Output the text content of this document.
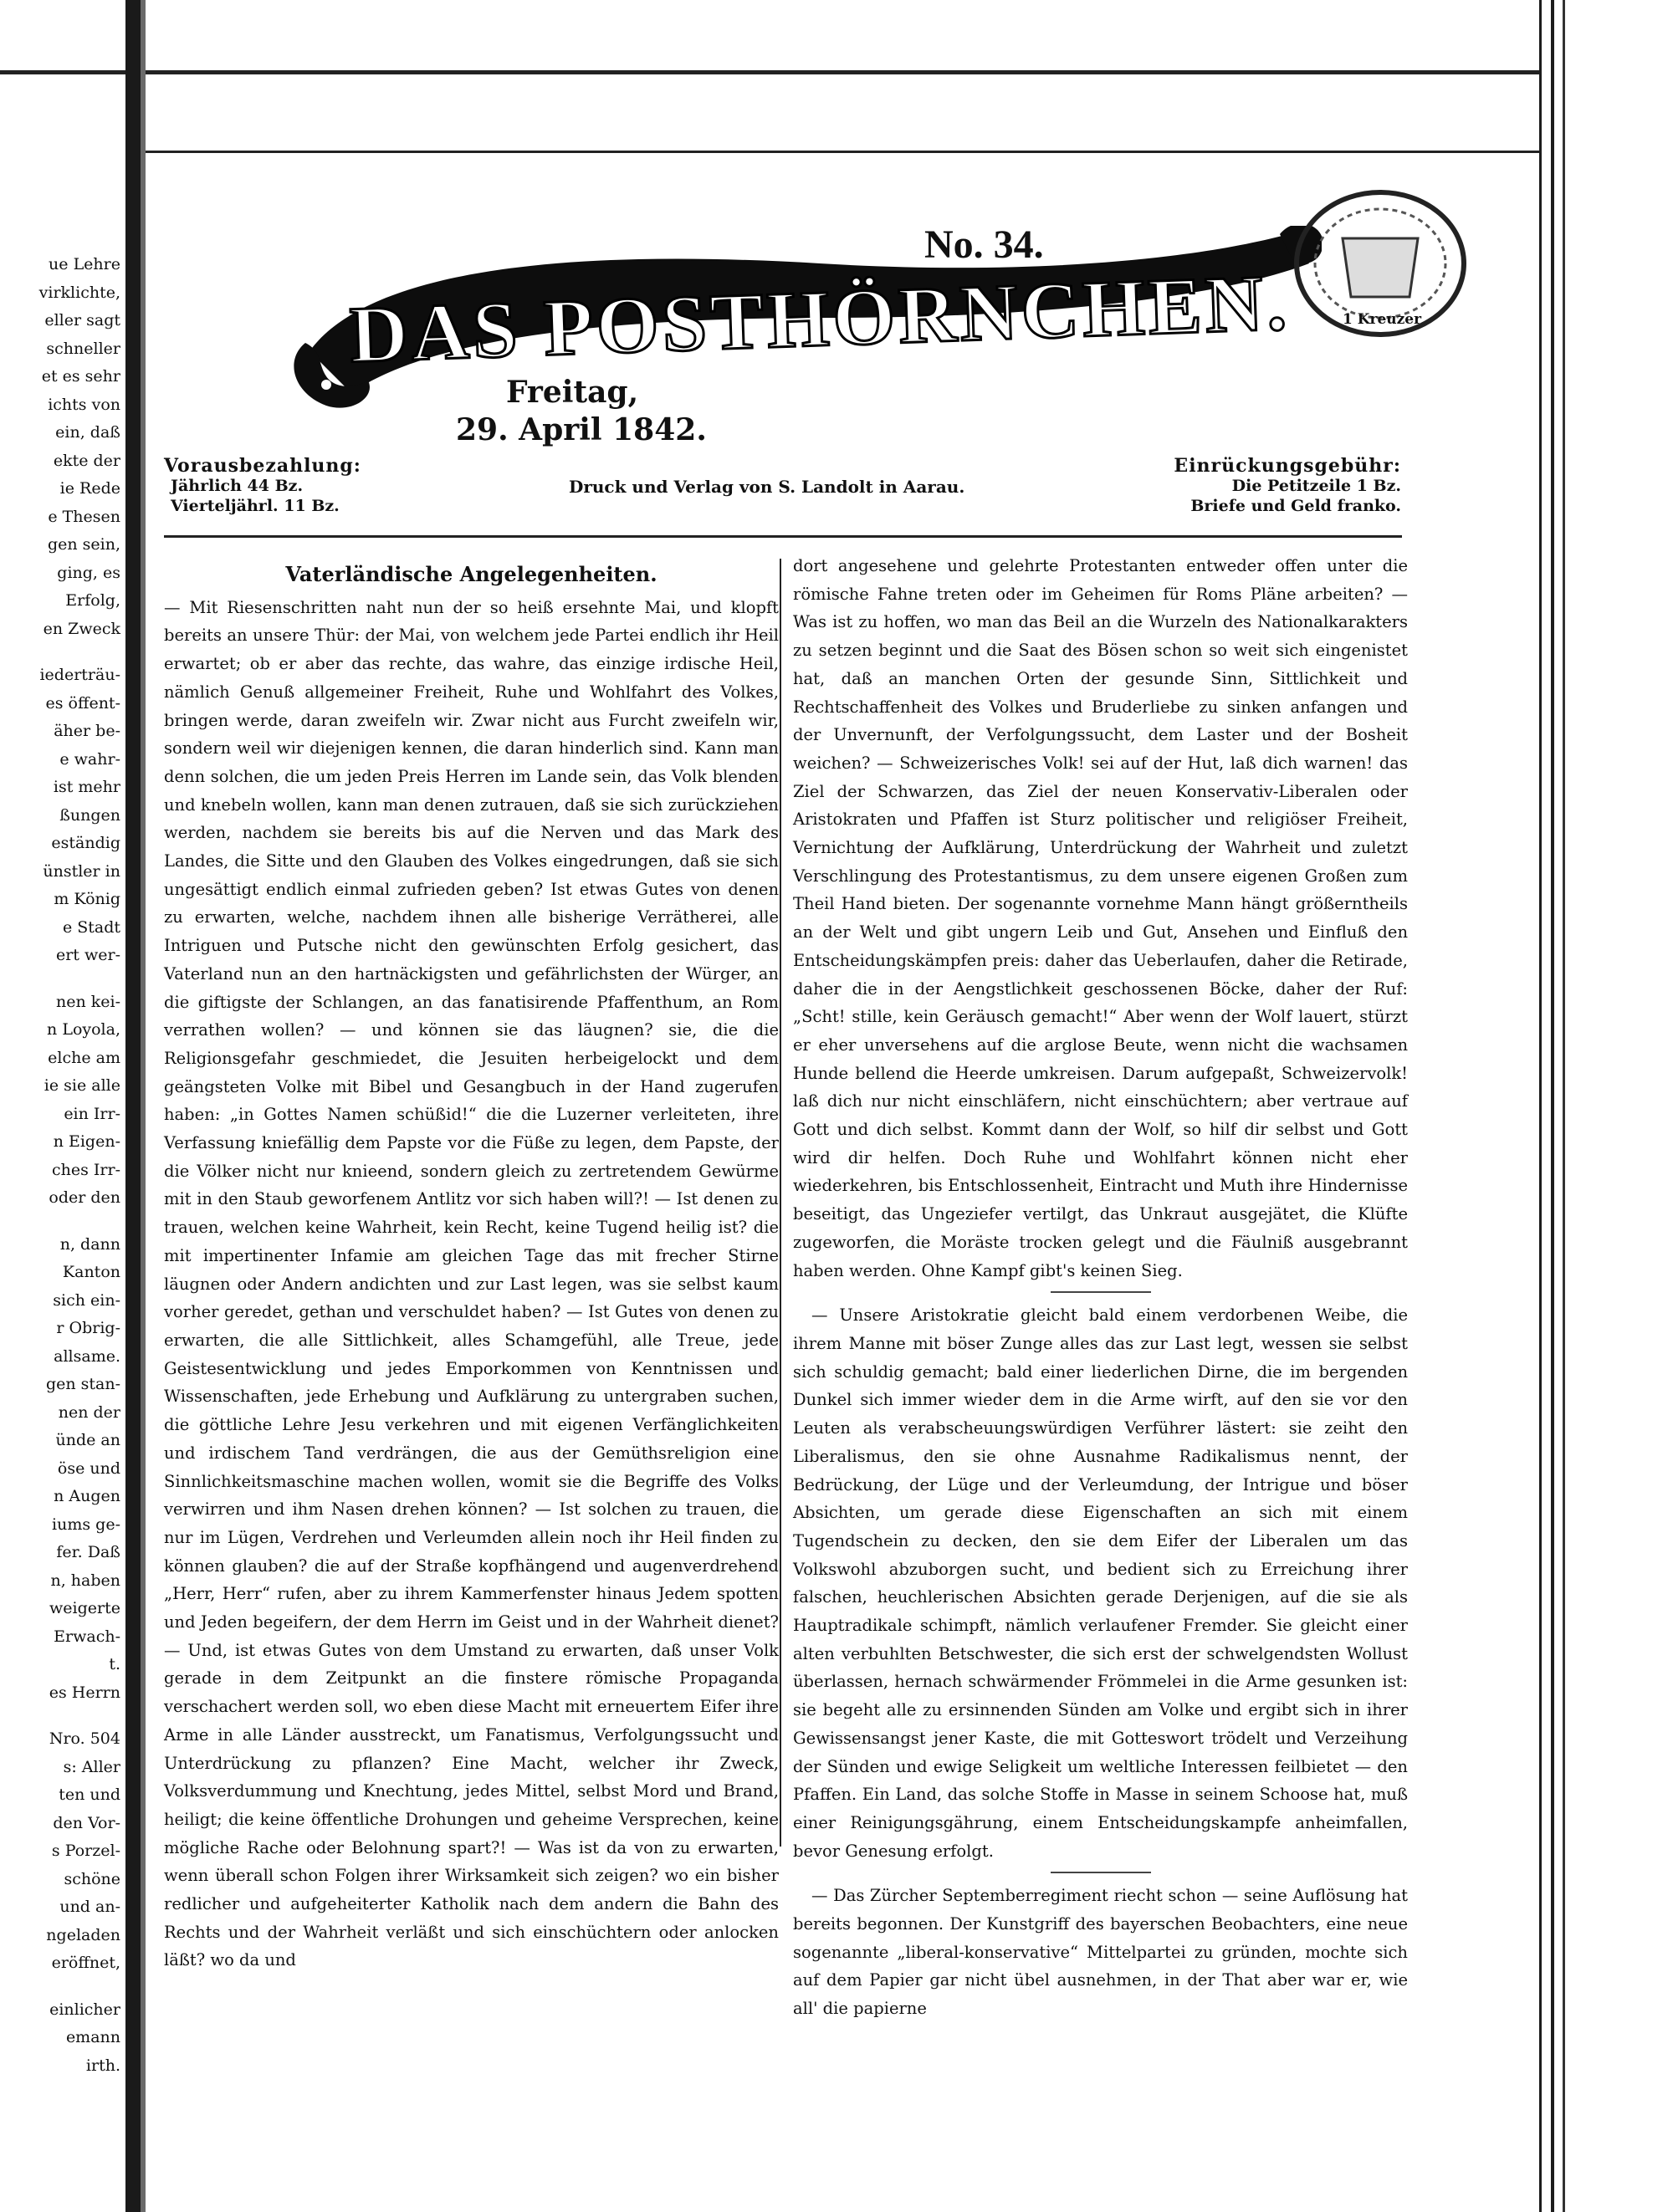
ue Lehre
virklichte,
eller sagt
schneller
et es sehr
ichts von
ein, daß
ekte der
ie Rede
e Thesen
gen sein,
ging, es
Erfolg,
en Zweck
iederträu-
es öffent-
äher be-
e wahr-
ist mehr
ßungen
eständig
ünstler in
m König
e Stadt
ert wer-
nen kei-
n Loyola,
elche am
ie sie alle
ein Irr-
n Eigen-
ches Irr-
oder den
n, dann
Kanton
sich ein-
r Obrig-
allsame.
gen stan-
nen der
ünde an
öse und
n Augen
iums ge-
fer. Daß
n, haben
weigerte
Erwach-
t.
es Herrn
Nro. 504
s: Aller
ten und
den Vor-
s Porzel-
schöne
und an-
ngeladen
eröffnet,
einlicher
emann
irth.
DAS POSTHÖRNCHEN.
No. 34.
1 Kreuzer
Freitag,
29. April 1842.
Vorausbezahlung:
Jährlich 44 Bz.
Vierteljährl. 11 Bz.
Druck und Verlag von S. Landolt in Aarau.
Einrückungsgebühr:
Die Petitzeile 1 Bz.
Briefe und Geld franko.
Vaterländische Angelegenheiten.

— Mit Riesenschritten naht nun der so heiß ersehnte Mai, und klopft bereits an unsere Thür: der Mai, von welchem jede Partei endlich ihr Heil erwartet; ob er aber das rechte, das wahre, das einzige irdische Heil, nämlich Genuß allgemeiner Freiheit, Ruhe und Wohlfahrt des Volkes, bringen werde, daran zweifeln wir. Zwar nicht aus Furcht zweifeln wir, sondern weil wir diejenigen kennen, die daran hinderlich sind. Kann man denn solchen, die um jeden Preis Herren im Lande sein, das Volk blenden und knebeln wollen, kann man denen zutrauen, daß sie sich zurückziehen werden, nachdem sie bereits bis auf die Nerven und das Mark des Landes, die Sitte und den Glauben des Volkes eingedrungen, daß sie sich ungesättigt endlich einmal zufrieden geben? Ist etwas Gutes von denen zu erwarten, welche, nachdem ihnen alle bisherige Verrätherei, alle Intriguen und Putsche nicht den gewünschten Erfolg gesichert, das Vaterland nun an den hartnäckigsten und gefährlichsten der Würger, an die giftigste der Schlangen, an das fanatisirende Pfaffenthum, an Rom verrathen wollen? — und können sie das läugnen? sie, die die Religionsgefahr geschmiedet, die Jesuiten herbeigelockt und dem geängsteten Volke mit Bibel und Gesangbuch in der Hand zugerufen haben: „in Gottes Namen schüßid!“ die die Luzerner verleiteten, ihre Verfassung kniefällig dem Papste vor die Füße zu legen, dem Papste, der die Völker nicht nur knieend, sondern gleich zu zertretendem Gewürme mit in den Staub geworfenem Antlitz vor sich haben will?! — Ist denen zu trauen, welchen keine Wahrheit, kein Recht, keine Tugend heilig ist? die mit impertinenter Infamie am gleichen Tage das mit frecher Stirne läugnen oder Andern andichten und zur Last legen, was sie selbst kaum vorher geredet, gethan und verschuldet haben? — Ist Gutes von denen zu erwarten, die alle Sittlichkeit, alles Schamgefühl, alle Treue, jede Geistesentwicklung und jedes Emporkommen von Kenntnissen und Wissenschaften, jede Erhebung und Aufklärung zu untergraben suchen, die göttliche Lehre Jesu verkehren und mit eigenen Verfänglichkeiten und irdischem Tand verdrängen, die aus der Gemüthsreligion eine Sinnlichkeitsmaschine machen wollen, womit sie die Begriffe des Volks verwirren und ihm Nasen drehen können? — Ist solchen zu trauen, die nur im Lügen, Verdrehen und Verleumden allein noch ihr Heil finden zu können glauben? die auf der Straße kopfhängend und augenverdrehend „Herr, Herr“ rufen, aber zu ihrem Kammerfenster hinaus Jedem spotten und Jeden begeifern, der dem Herrn im Geist und in der Wahrheit dienet? — Und, ist etwas Gutes von dem Umstand zu erwarten, daß unser Volk gerade in dem Zeitpunkt an die finstere römische Propaganda verschachert werden soll, wo eben diese Macht mit erneuertem Eifer ihre Arme in alle Länder ausstreckt, um Fanatismus, Verfolgungssucht und Unterdrückung zu pflanzen? Eine Macht, welcher ihr Zweck, Volksverdummung und Knechtung, jedes Mittel, selbst Mord und Brand, heiligt; die keine öffentliche Drohungen und geheime Versprechen, keine mögliche Rache oder Belohnung spart?! — Was ist da von zu erwarten, wenn überall schon Folgen ihrer Wirksamkeit sich zeigen? wo ein bisher redlicher und aufgeheiterter Katholik nach dem andern die Bahn des Rechts und der Wahrheit verläßt und sich einschüchtern oder anlocken läßt? wo da und

dort angesehene und gelehrte Protestanten entweder offen unter die römische Fahne treten oder im Geheimen für Roms Pläne arbeiten? — Was ist zu hoffen, wo man das Beil an die Wurzeln des Nationalkarakters zu setzen beginnt und die Saat des Bösen schon so weit sich eingenistet hat, daß an manchen Orten der gesunde Sinn, Sittlichkeit und Rechtschaffenheit des Volkes und Bruderliebe zu sinken anfangen und der Unvernunft, der Verfolgungssucht, dem Laster und der Bosheit weichen? — Schweizerisches Volk! sei auf der Hut, laß dich warnen! das Ziel der Schwarzen, das Ziel der neuen Konservativ-Liberalen oder Aristokraten und Pfaffen ist Sturz politischer und religiöser Freiheit, Vernichtung der Aufklärung, Unterdrückung der Wahrheit und zuletzt Verschlingung des Protestantismus, zu dem unsere eigenen Großen zum Theil Hand bieten. Der sogenannte vornehme Mann hängt größerntheils an der Welt und gibt ungern Leib und Gut, Ansehen und Einfluß den Entscheidungskämpfen preis: daher das Ueberlaufen, daher die Retirade, daher die in der Aengstlichkeit geschossenen Böcke, daher der Ruf: „Scht! stille, kein Geräusch gemacht!“ Aber wenn der Wolf lauert, stürzt er eher unversehens auf die arglose Beute, wenn nicht die wachsamen Hunde bellend die Heerde umkreisen. Darum aufgepaßt, Schweizervolk! laß dich nur nicht einschläfern, nicht einschüchtern; aber vertraue auf Gott und dich selbst. Kommt dann der Wolf, so hilf dir selbst und Gott wird dir helfen. Doch Ruhe und Wohlfahrt können nicht eher wiederkehren, bis Entschlossenheit, Eintracht und Muth ihre Hindernisse beseitigt, das Ungeziefer vertilgt, das Unkraut ausgejätet, die Klüfte zugeworfen, die Moräste trocken gelegt und die Fäulniß ausgebrannt haben werden. Ohne Kampf gibt's keinen Sieg.

— Unsere Aristokratie gleicht bald einem verdorbenen Weibe, die ihrem Manne mit böser Zunge alles das zur Last legt, wessen sie selbst sich schuldig gemacht; bald einer liederlichen Dirne, die im bergenden Dunkel sich immer wieder dem in die Arme wirft, auf den sie vor den Leuten als verabscheuungswürdigen Verführer lästert: sie zeiht den Liberalismus, den sie ohne Ausnahme Radikalismus nennt, der Bedrückung, der Lüge und der Verleumdung, der Intrigue und böser Absichten, um gerade diese Eigenschaften an sich mit einem Tugendschein zu decken, den sie dem Eifer der Liberalen um das Volkswohl abzuborgen sucht, und bedient sich zu Erreichung ihrer falschen, heuchlerischen Absichten gerade Derjenigen, auf die sie als Hauptradikale schimpft, nämlich verlaufener Fremder. Sie gleicht einer alten verbuhlten Betschwester, die sich erst der schwelgendsten Wollust überlassen, hernach schwärmender Frömmelei in die Arme gesunken ist: sie begeht alle zu ersinnenden Sünden am Volke und ergibt sich in ihrer Gewissensangst jener Kaste, die mit Gotteswort trödelt und Verzeihung der Sünden und ewige Seligkeit um weltliche Interessen feilbietet — den Pfaffen. Ein Land, das solche Stoffe in Masse in seinem Schoose hat, muß einer Reinigungsgährung, einem Entscheidungskampfe anheimfallen, bevor Genesung erfolgt.

— Das Zürcher Septemberregiment riecht schon — seine Auflösung hat bereits begonnen. Der Kunstgriff des bayerschen Beobachters, eine neue sogenannte „liberal-konservative“ Mittelpartei zu gründen, mochte sich auf dem Papier gar nicht übel ausnehmen, in der That aber war er, wie all' die papierne
